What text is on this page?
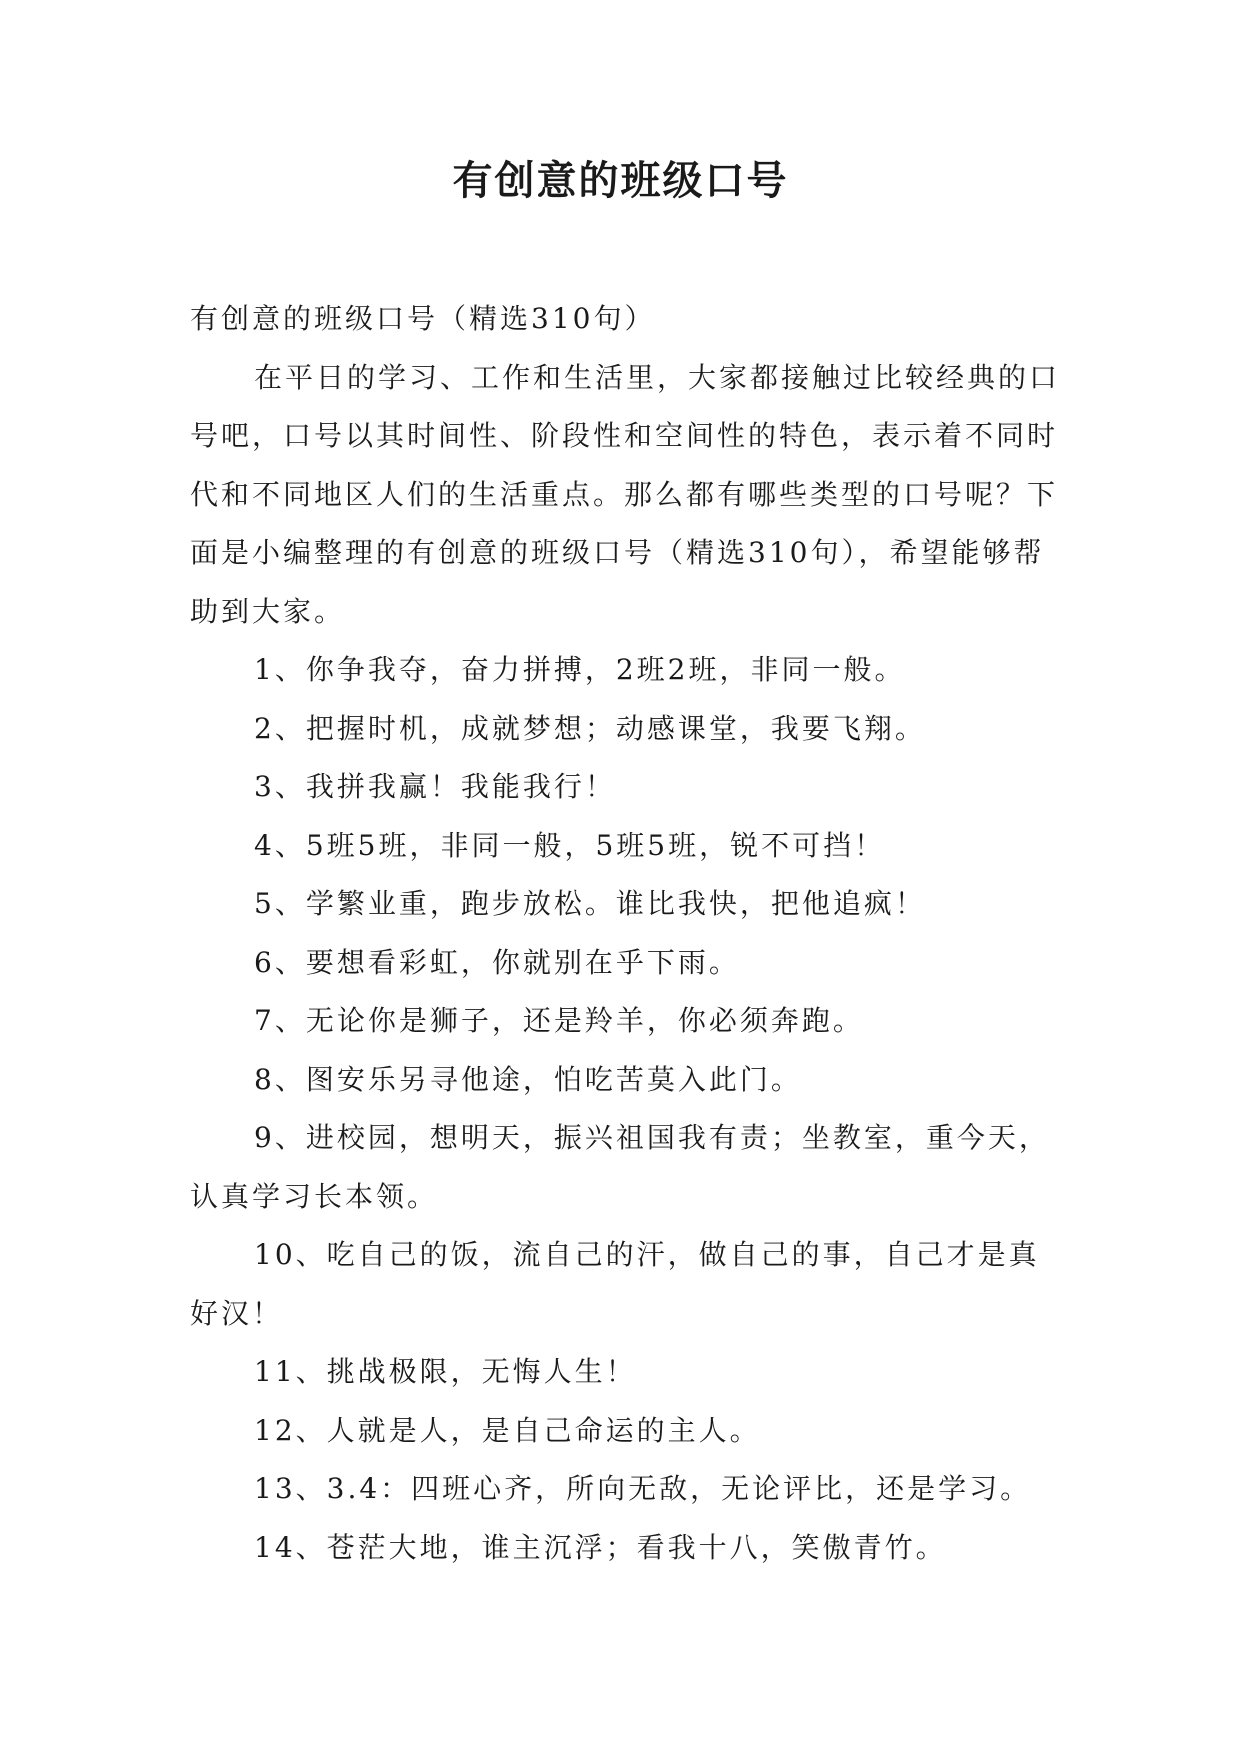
有创意的班级口号

有创意的班级口号（精选310句）

在平日的学习、工作和生活里，大家都接触过比较经典的口号吧，口号以其时间性、阶段性和空间性的特色，表示着不同时代和不同地区人们的生活重点。那么都有哪些类型的口号呢？下面是小编整理的有创意的班级口号（精选310句），希望能够帮助到大家。

1、你争我夺，奋力拼搏，2班2班，非同一般。

2、把握时机，成就梦想；动感课堂，我要飞翔。

3、我拼我赢！我能我行！

4、5班5班，非同一般，5班5班，锐不可挡！

5、学繁业重，跑步放松。谁比我快，把他追疯！

6、要想看彩虹，你就别在乎下雨。

7、无论你是狮子，还是羚羊，你必须奔跑。

8、图安乐另寻他途，怕吃苦莫入此门。

9、进校园，想明天，振兴祖国我有责；坐教室，重今天，认真学习长本领。

10、吃自己的饭，流自己的汗，做自己的事，自己才是真好汉！

11、挑战极限，无悔人生！

12、人就是人，是自己命运的主人。

13、3.4：四班心齐，所向无敌，无论评比，还是学习。

14、苍茫大地，谁主沉浮；看我十八，笑傲青竹。
